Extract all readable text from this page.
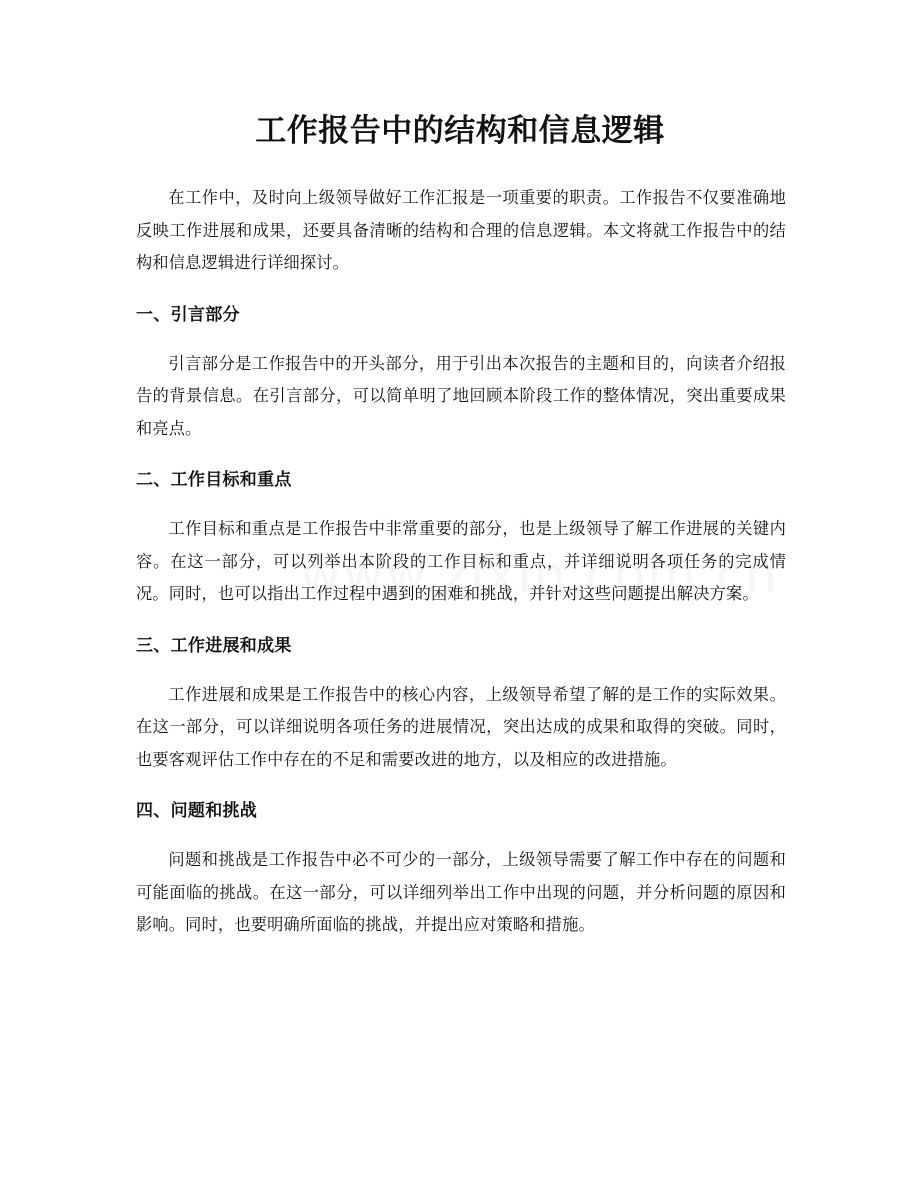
工作报告中的结构和信息逻辑

在工作中，及时向上级领导做好工作汇报是一项重要的职责。工作报告不仅要准确地反映工作进展和成果，还要具备清晰的结构和合理的信息逻辑。本文将就工作报告中的结构和信息逻辑进行详细探讨。

一、引言部分

引言部分是工作报告中的开头部分，用于引出本次报告的主题和目的，向读者介绍报告的背景信息。在引言部分，可以简单明了地回顾本阶段工作的整体情况，突出重要成果和亮点。

二、工作目标和重点

工作目标和重点是工作报告中非常重要的部分，也是上级领导了解工作进展的关键内容。在这一部分，可以列举出本阶段的工作目标和重点，并详细说明各项任务的完成情况。同时，也可以指出工作过程中遇到的困难和挑战，并针对这些问题提出解决方案。

三、工作进展和成果

工作进展和成果是工作报告中的核心内容，上级领导希望了解的是工作的实际效果。在这一部分，可以详细说明各项任务的进展情况，突出达成的成果和取得的突破。同时，也要客观评估工作中存在的不足和需要改进的地方，以及相应的改进措施。

四、问题和挑战

问题和挑战是工作报告中必不可少的一部分，上级领导需要了解工作中存在的问题和可能面临的挑战。在这一部分，可以详细列举出工作中出现的问题，并分析问题的原因和影响。同时，也要明确所面临的挑战，并提出应对策略和措施。
